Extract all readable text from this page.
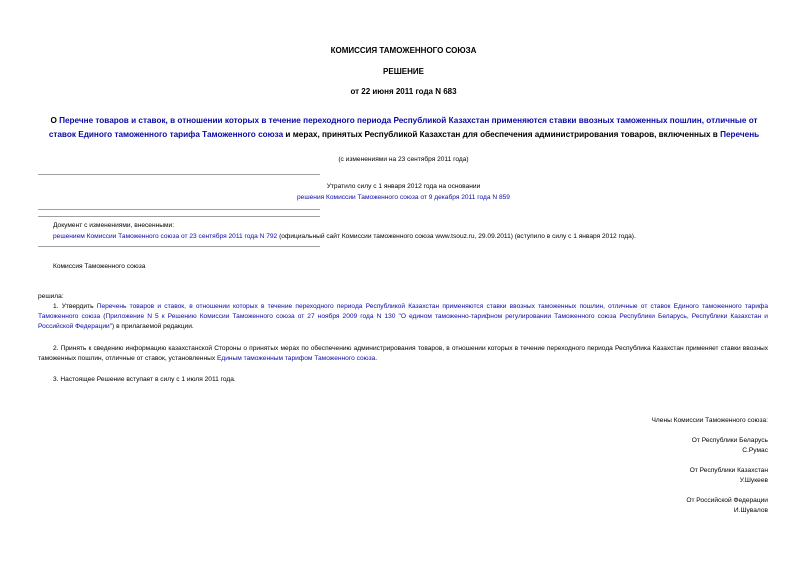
КОМИССИЯ ТАМОЖЕННОГО СОЮЗА
РЕШЕНИЕ
от 22 июня 2011 года N 683
О Перечне товаров и ставок, в отношении которых в течение переходного периода Республикой Казахстан применяются ставки ввозных таможенных пошлин, отличные от ставок Единого таможенного тарифа Таможенного союза и мерах, принятых Республикой Казахстан для обеспечения администрирования товаров, включенных в Перечень
(с изменениями на 23 сентября 2011 года)
Утратило силу с 1 января 2012 года на основании
решения Комиссии Таможенного союза от 9 декабря 2011 года N 859
Документ с изменениями, внесенными:
решением Комиссии Таможенного союза от 23 сентября 2011 года N 792 (официальный сайт Комиссии таможенного союза www.tsouz.ru, 29.09.2011) (вступило в силу с 1 января 2012 года).
Комиссия Таможенного союза
решила:
1. Утвердить Перечень товаров и ставок, в отношении которых в течение переходного периода Республикой Казахстан применяются ставки ввозных таможенных пошлин, отличные от ставок Единого таможенного тарифа Таможенного союза (Приложение N 5 к Решению Комиссии Таможенного союза от 27 ноября 2009 года N 130 "О едином таможенно-тарифном регулировании Таможенного союза Республики Беларусь, Республики Казахстан и Российской Федерации") в прилагаемой редакции.
2. Принять к сведению информацию казахстанской Стороны о принятых мерах по обеспечению администрирования товаров, в отношении которых в течение переходного периода Республика Казахстан применяет ставки ввозных таможенных пошлин, отличные от ставок, установленных Единым таможенным тарифом Таможенного союза.
3. Настоящее Решение вступает в силу с 1 июля 2011 года.
Члены Комиссии Таможенного союза:
От Республики Беларусь
С.Румас
От Республики Казахстан
У.Шукеев
От Российской Федерации
И.Шувалов
